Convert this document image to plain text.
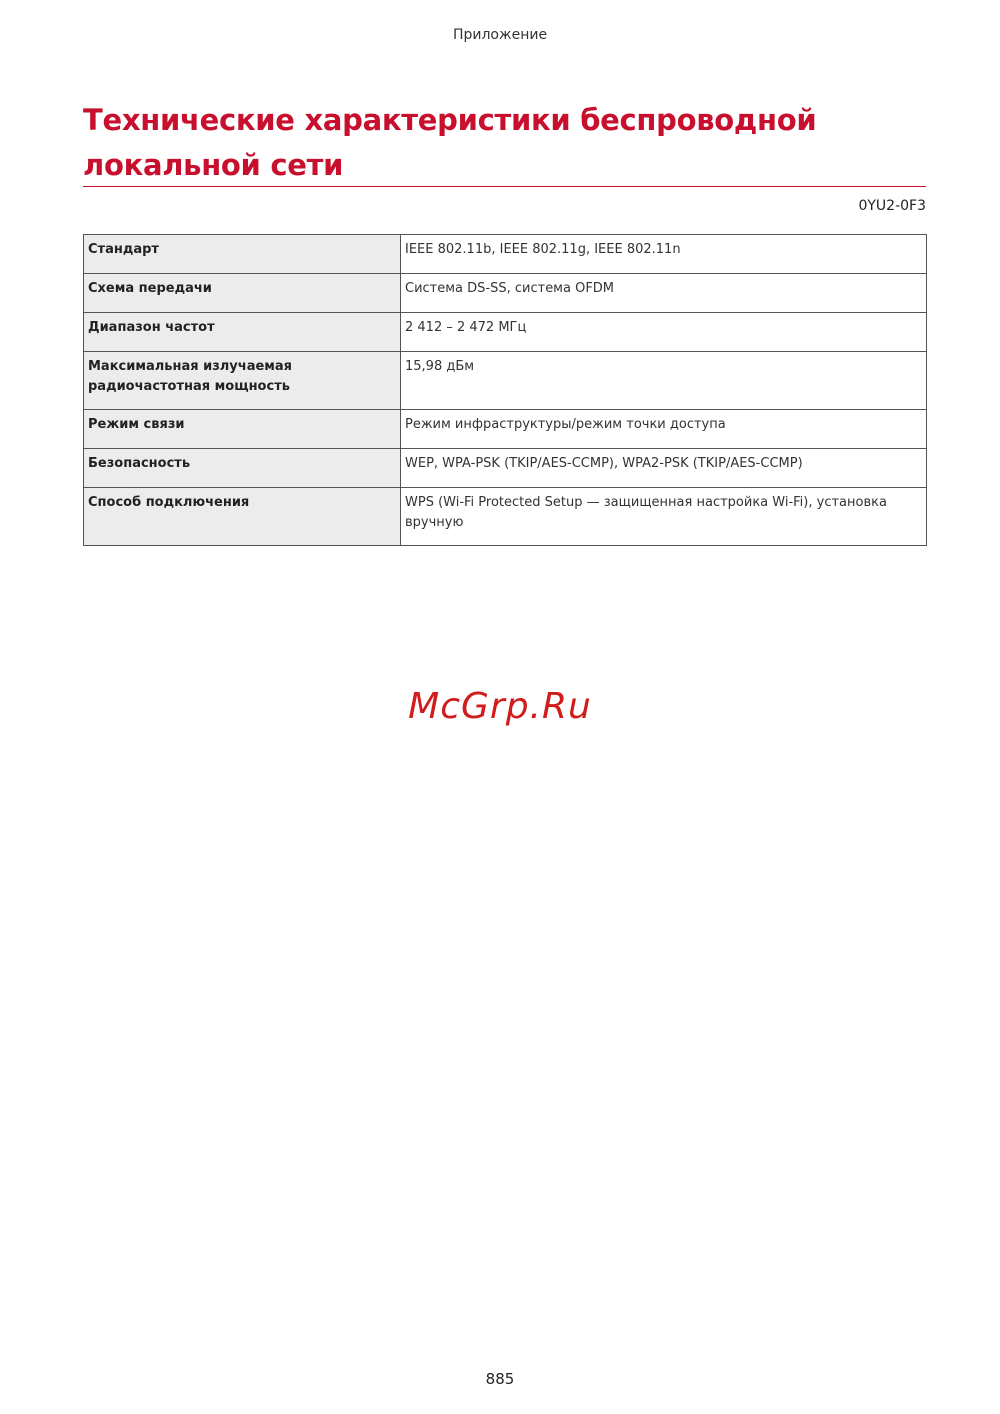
Приложение
Технические характеристики беспроводной локальной сети
0YU2-0F3
Стандарт	IEEE 802.11b, IEEE 802.11g, IEEE 802.11n
Схема передачи	Система DS-SS, система OFDM
Диапазон частот	2 412 – 2 472 МГц
Максимальная излучаемая радиочастотная мощность	15,98 дБм
Режим связи	Режим инфраструктуры/режим точки доступа
Безопасность	WEP, WPA-PSK (TKIP/AES-CCMP), WPA2-PSK (TKIP/AES-CCMP)
Способ подключения	WPS (Wi-Fi Protected Setup — защищенная настройка Wi-Fi), установка вручную
McGrp.Ru
885
